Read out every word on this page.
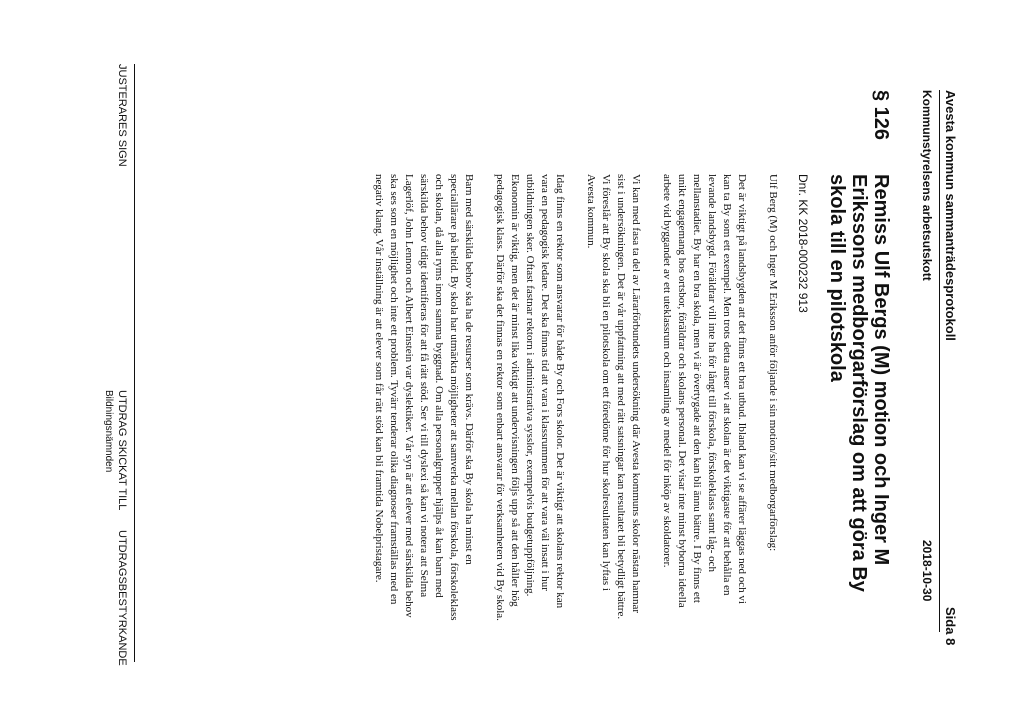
Avesta kommun sammanträdesprotokoll
Sida 8
Kommunstyrelsens arbetsutskott
2018-10-30
§ 126
Remiss Ulf Bergs (M) motion och Inger M Erikssons medborgarförslag om att göra By skola till en pilotskola
Dnr. KK 2018-000232 913

Ulf Berg (M) och Inger M Eriksson anför följande i sin motion/sitt medborgarförslag:

Det är viktigt på landsbygden att det finns ett bra utbud. Ibland kan vi se affärer läggas ned och vi kan ta By som ett exempel. Men trots detta anser vi att skolan är det viktigaste för att behålla en levande landsbygd. Föräldrar vill inte ha för långt till förskola, förskoleklass samt låg- och mellanstadiet. By har en bra skola, men vi är övertygade att den kan bli ännu bättre. I By finns ett unikt engagemang hos ortsbor, föräldrar och skolans personal. Det visar inte minst byborna ideella arbete vid byggandet av ett uteklassrum och insamling av medel för inköp av skoldatorer.

Vi kan med fasa ta del av Lärarförbundets undersökning där Avesta kommuns skolor nästan hamnar sist i undersökningen. Det är vår uppfattning att med rätt satsningar kan resultatet bli betydligt bättre. Vi föreslår att By skola ska bli en pilotskola om ett föredöme för hur skolresultaten kan lyftas i Avesta kommun.

Idag finns en rektor som ansvarar för både By och Fors skolor. Det är viktigt att skolans rektor kan vara en pedagogisk ledare. Det ska finnas tid att vara i klassrummen för att vara väl insatt i hur utbildningen sker. Oftast fastnar rektorn i administrativa sysslor, exempelvis budgetuppföljning. Ekonomin är viktig, men det är minst lika viktigt att undervisningen följs upp så att den håller hög pedagogisk klass. Därför ska det finnas en rektor som enbart ansvarar för verksamheten vid By skola.

Barn med särskilda behov ska ha de resurser som krävs. Därför ska By skola ha minst en speciallärare på heltid. By skola har utmärkta möjligheter att samverka mellan förskola, förskoleklass och skolan, då alla ryms inom samma byggnad. Om alla personalgrupper hjälps åt kan barn med särskilda behov tidigt identifieras för att få rätt stöd. Ser vi till dyslexi så kan vi notera att Selma Lagerlöf, John Lennon och Albert Einstein var dyslektiker. Vår syn är att elever med särskilda behov ska ses som en möjlighet och inte ett problem. Tyvärr tenderar olika diagnoser framställas med en negativ klang. Vår inställning är att elever som får rätt stöd kan bli framtida Nobelpristagare.

JUSTERARES SIGN
UTDRAG SKICKAT TILL
Bildningsnämnden
UTDRAGSBESTYRKANDE
